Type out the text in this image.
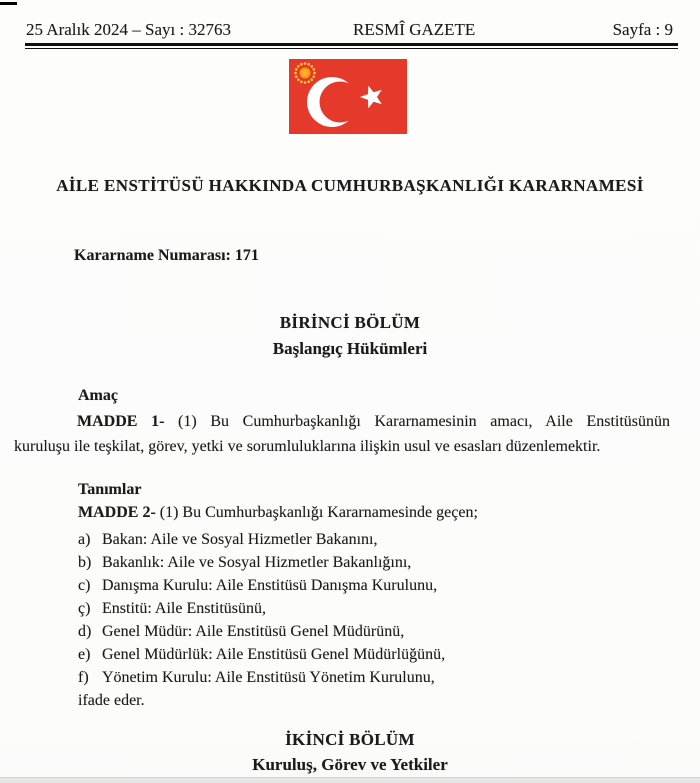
25 Aralık 2024 – Sayı : 32763	RESMÎ GAZETE	Sayfa : 9
AİLE ENSTİTÜSÜ HAKKINDA CUMHURBAŞKANLIĞI KARARNAMESİ
Kararname Numarası: 171
BİRİNCİ BÖLÜM
Başlangıç Hükümleri
Amaç
MADDE 1- (1) Bu Cumhurbaşkanlığı Kararnamesinin amacı, Aile Enstitüsünün
kuruluşu ile teşkilat, görev, yetki ve sorumluluklarına ilişkin usul ve esasları düzenlemektir.
Tanımlar
MADDE 2- (1) Bu Cumhurbaşkanlığı Kararnamesinde geçen;
a) Bakan: Aile ve Sosyal Hizmetler Bakanını,
b) Bakanlık: Aile ve Sosyal Hizmetler Bakanlığını,
c) Danışma Kurulu: Aile Enstitüsü Danışma Kurulunu,
ç) Enstitü: Aile Enstitüsünü,
d) Genel Müdür: Aile Enstitüsü Genel Müdürünü,
e) Genel Müdürlük: Aile Enstitüsü Genel Müdürlüğünü,
f) Yönetim Kurulu: Aile Enstitüsü Yönetim Kurulunu,
ifade eder.
İKİNCİ BÖLÜM
Kuruluş, Görev ve Yetkiler
